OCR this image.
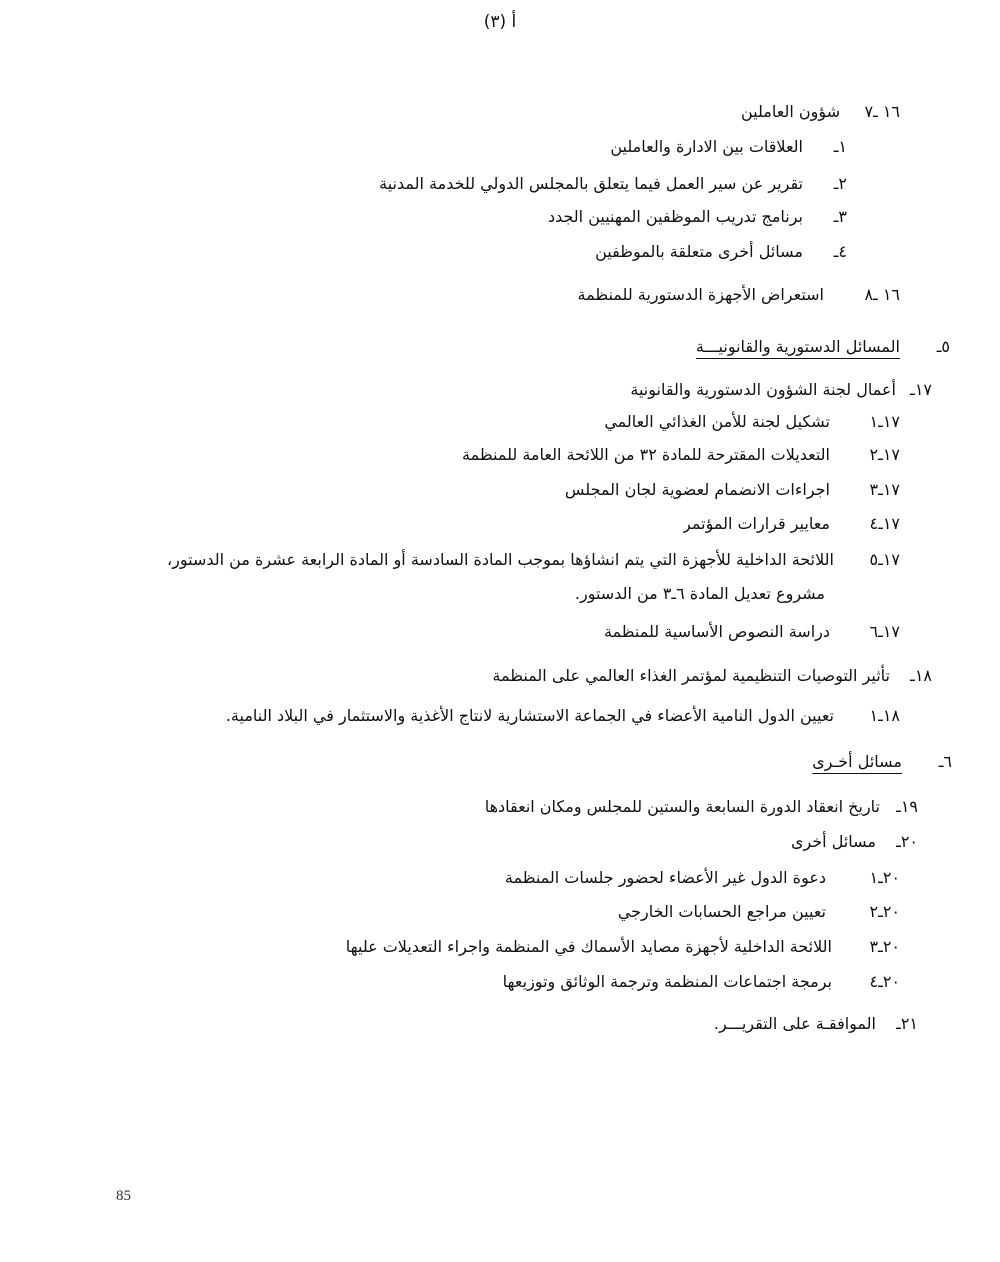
أ (٣)
١٦ ـ٧شؤون العاملين
١ـالعلاقات بين الادارة والعاملين
٢ـتقرير عن سير العمل فيما يتعلق بالمجلس الدولي للخدمة المدنية
٣ـبرنامج تدريب الموظفين المهنيين الجدد
٤ـمسائل أخرى متعلقة بالموظفين
١٦ ـ٨استعراض الأجهزة الدستورية للمنظمة
٥ـالمسائل الدستورية والقانونيـــة
١٧ـأعمال لجنة الشؤون الدستورية والقانونية
١٧ـ١تشكيل لجنة للأمن الغذائي العالمي
١٧ـ٢التعديلات المقترحة للمادة ٣٢ من اللائحة العامة للمنظمة
١٧ـ٣اجراءات الانضمام لعضوية لجان المجلس
١٧ـ٤معايير قرارات المؤتمر
١٧ـ٥اللائحة الداخلية للأجهزة التي يتم انشاؤها بموجب المادة السادسة أو المادة الرابعة عشرة من الدستور،
مشروع تعديل المادة ٦ـ٣ من الدستور.
١٧ـ٦دراسة النصوص الأساسية للمنظمة
١٨ـتأثير التوصيات التنظيمية لمؤتمر الغذاء العالمي على المنظمة
١٨ـ١تعيين الدول النامية الأعضاء في الجماعة الاستشارية لانتاج الأغذية والاستثمار في البلاد النامية.
٦ـمسائل أخـرى
١٩ـتاريخ انعقاد الدورة السابعة والستين للمجلس ومكان انعقادها
٢٠ـمسائل أخرى
٢٠ـ١دعوة الدول غير الأعضاء لحضور جلسات المنظمة
٢٠ـ٢تعيين مراجع الحسابات الخارجي
٢٠ـ٣اللائحة الداخلية لأجهزة مصايد الأسماك في المنظمة واجراء التعديلات عليها
٢٠ـ٤برمجة اجتماعات المنظمة وترجمة الوثائق وتوزيعها
٢١ـالموافقـة على التقريـــر.
85
